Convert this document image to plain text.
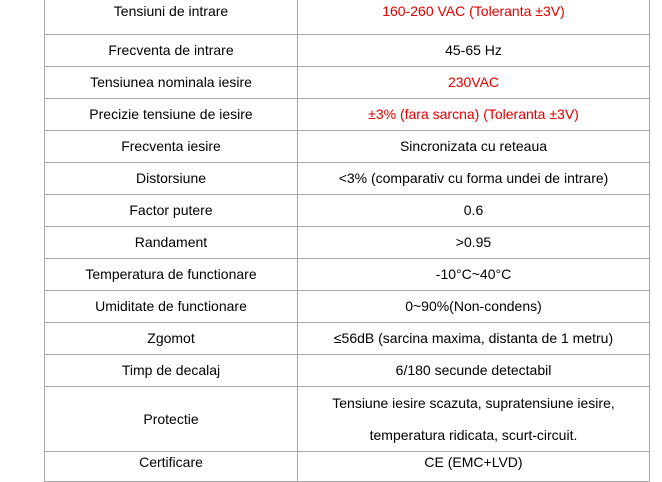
Tensiuni de intrare	160-260 VAC (Toleranta ±3V)
Frecventa de intrare	45-65 Hz
Tensiunea nominala iesire	230VAC
Precizie tensiune de iesire	±3% (fara sarcna) (Toleranta ±3V)
Frecventa iesire	Sincronizata cu reteaua
Distorsiune	<3% (comparativ cu forma undei de intrare)
Factor putere	0.6
Randament	>0.95
Temperatura de functionare	-10°C~40°C
Umiditate de functionare	0~90%(Non-condens)
Zgomot	≤56dB (sarcina maxima, distanta de 1 metru)
Timp de decalaj	6/180 secunde detectabil
Protectie	Tensiune iesire scazuta, supratensiune iesire,
temperatura ridicata, scurt-circuit.

Certificare	CE (EMC+LVD)
